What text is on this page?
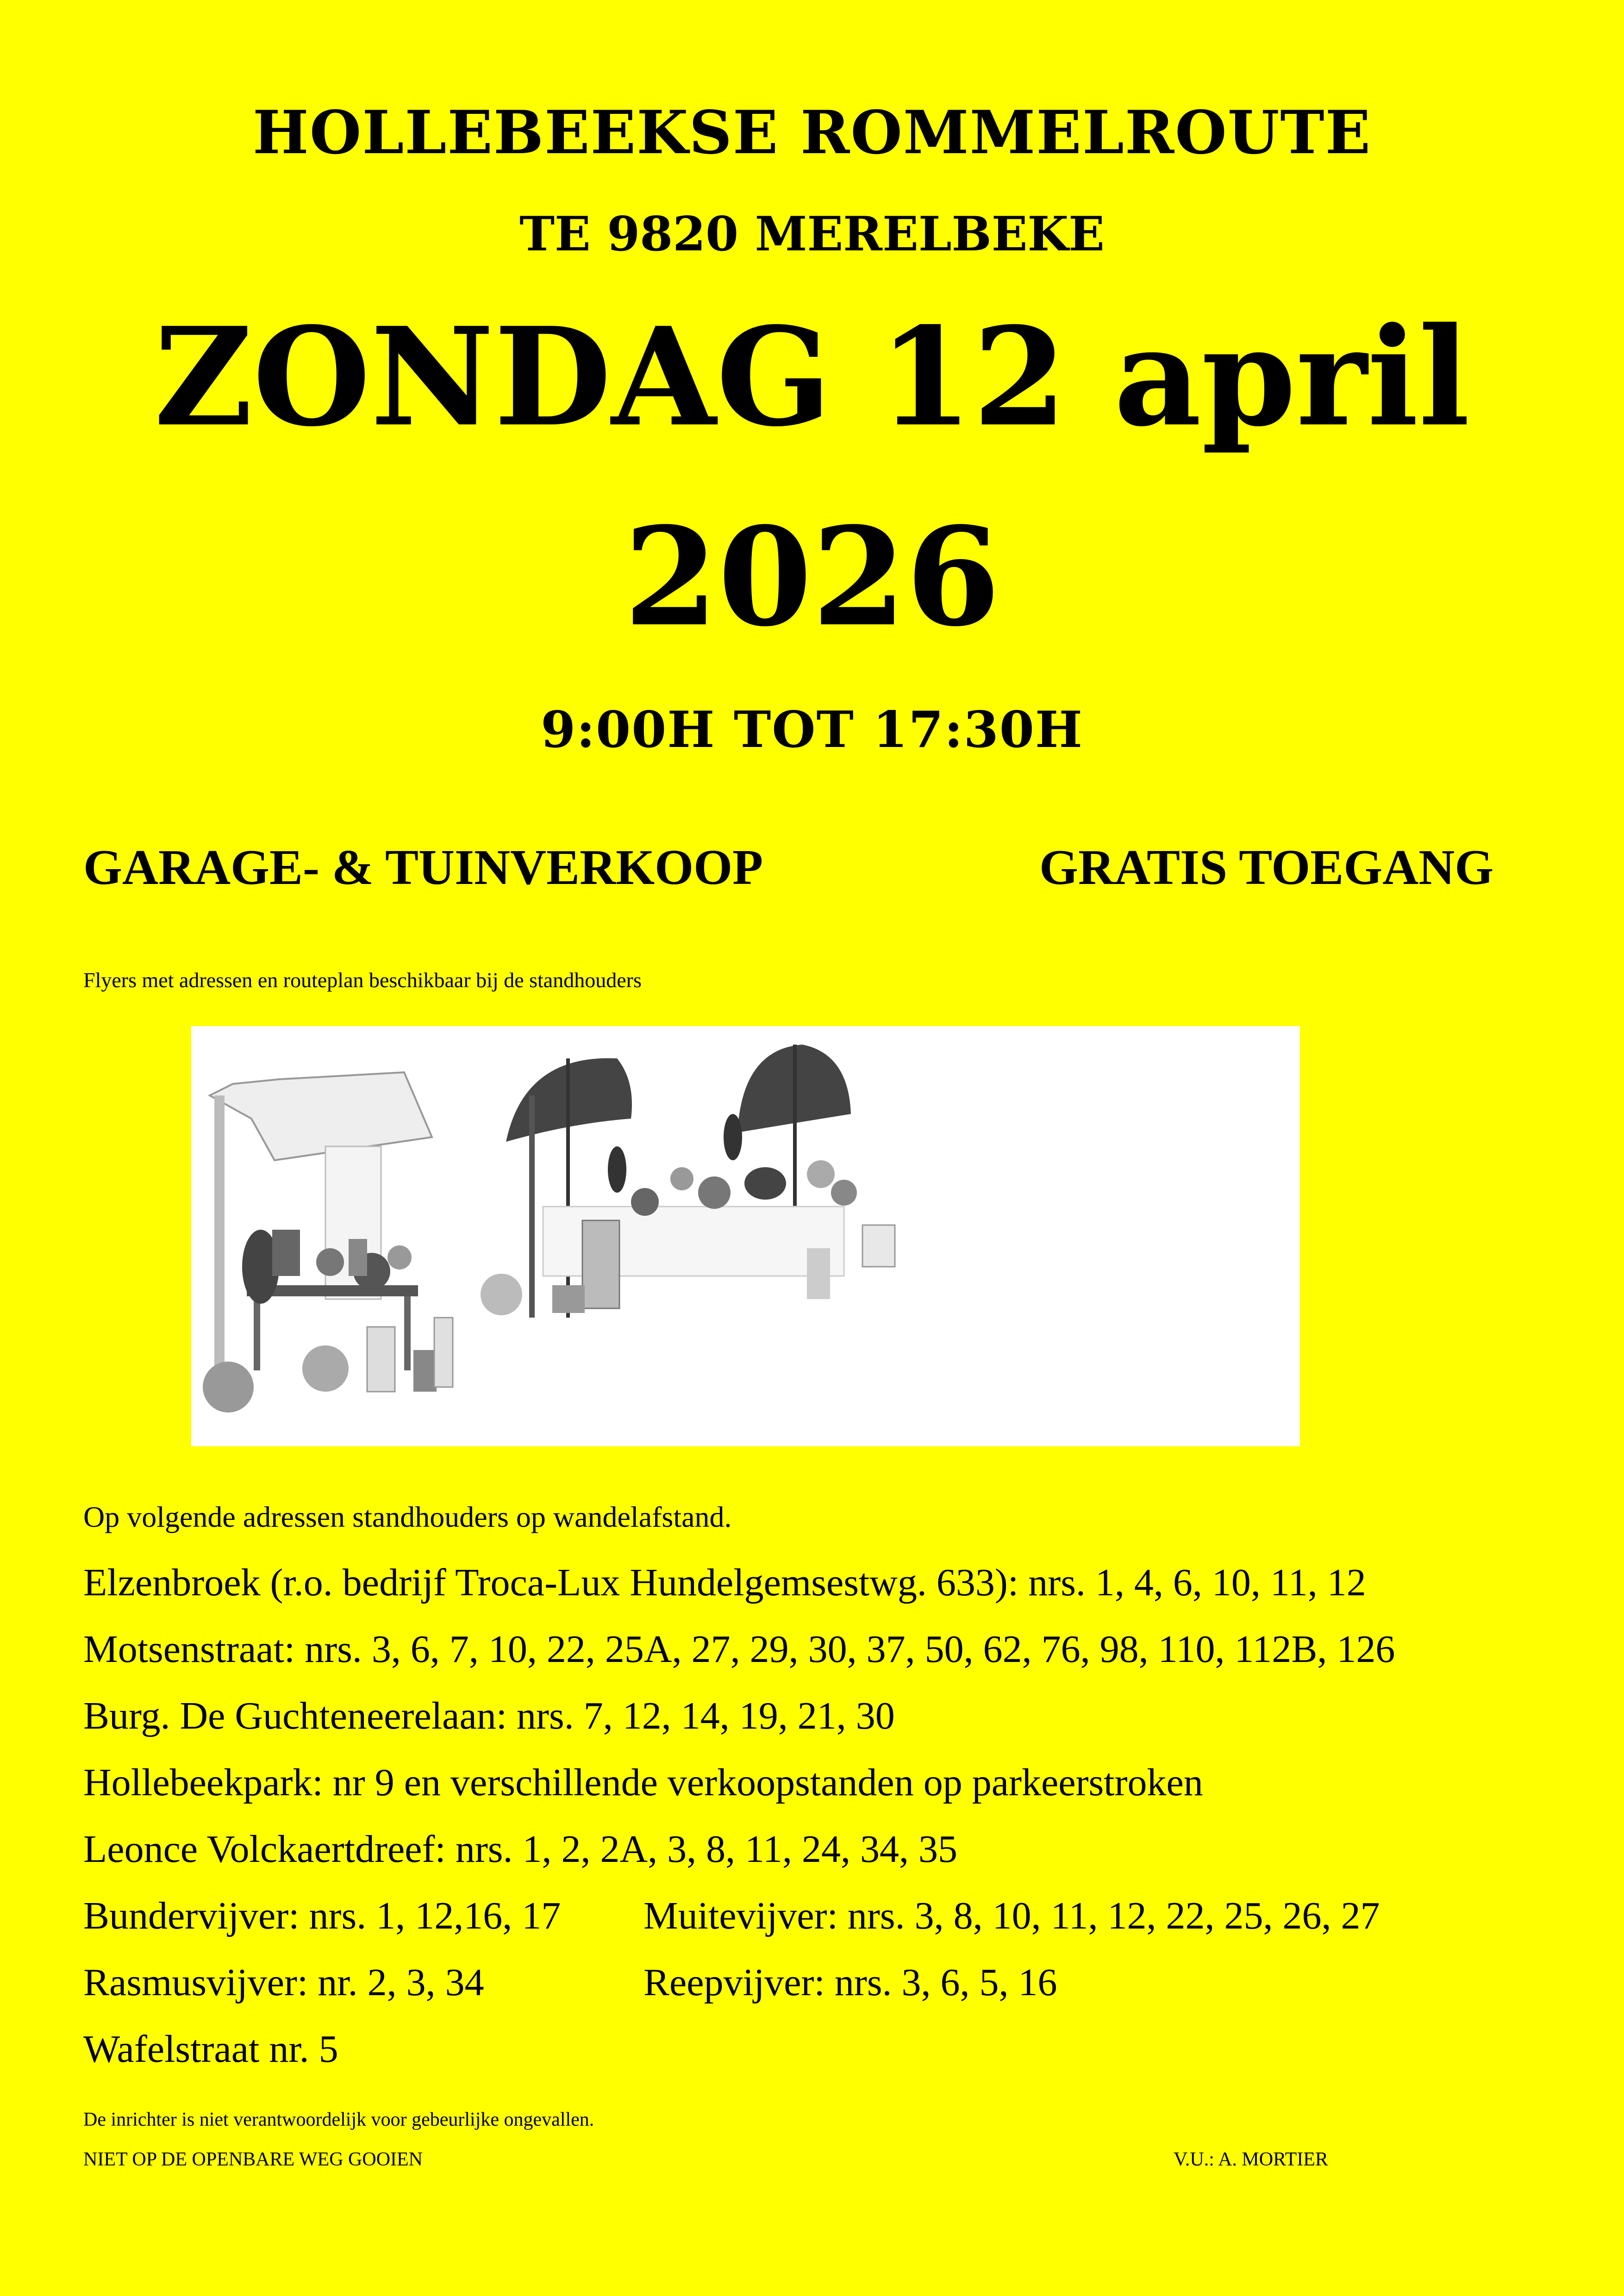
HOLLEBEEKSE ROMMELROUTE
TE 9820 MERELBEKE
ZONDAG 12 april
2026
9:00H TOT 17:30H
GARAGE- & TUINVERKOOP	GRATIS TOEGANG
Flyers met adressen en routeplan beschikbaar bij de standhouders
Op volgende adressen standhouders op wandelafstand.
Elzenbroek (r.o. bedrijf Troca-Lux Hundelgemsestwg. 633): nrs. 1, 4, 6, 10, 11, 12
Motsenstraat: nrs. 3, 6, 7, 10, 22, 25A, 27, 29, 30, 37, 50, 62, 76, 98, 110, 112B, 126
Burg. De Guchteneerelaan: nrs. 7, 12, 14, 19, 21, 30
Hollebeekpark: nr 9 en verschillende verkoopstanden op parkeerstroken
Leonce Volckaertdreef: nrs. 1, 2, 2A, 3, 8, 11, 24, 34, 35
Bundervijver: nrs. 1, 12,16, 17 Muitevijver: nrs. 3, 8, 10, 11, 12, 22, 25, 26, 27
Rasmusvijver: nr. 2, 3, 34	Reepvijver: nrs. 3, 6, 5, 16
Wafelstraat nr. 5
De inrichter is niet verantwoordelijk voor gebeurlijke ongevallen.
NIET OP DE OPENBARE WEG GOOIEN	V.U.: A. MORTIER
